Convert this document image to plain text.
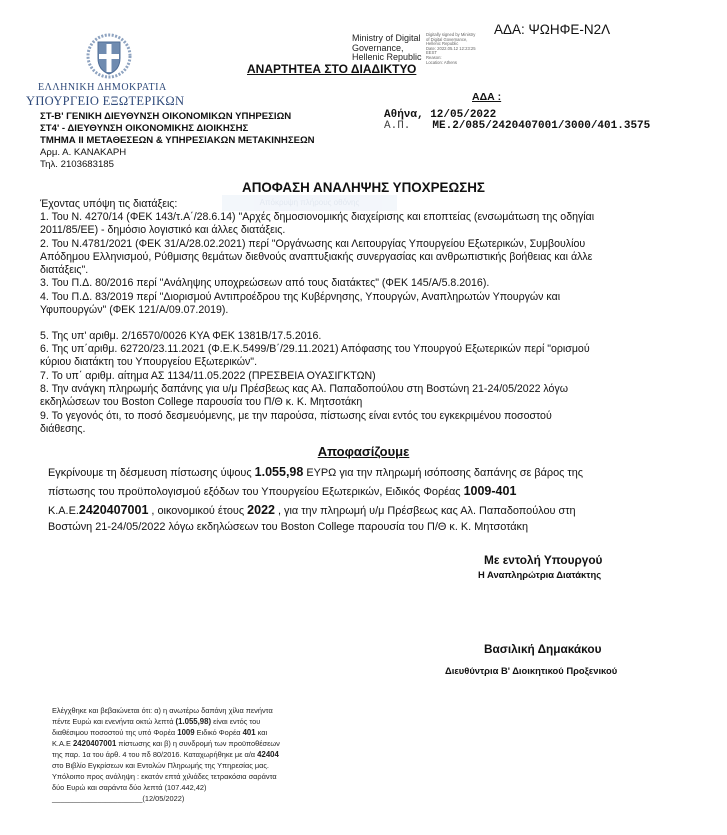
ΕΛΛΗΝΙΚΗ ΔΗΜΟΚΡΑΤΙΑ
ΥΠΟΥΡΓΕΙΟ ΕΞΩΤΕΡΙΚΩΝ
ΣΤ-Β' ΓΕΝΙΚΗ ΔΙΕΥΘΥΝΣΗ ΟΙΚΟΝΟΜΙΚΩΝ ΥΠΗΡΕΣΙΩΝ
ΣΤ4' - ΔΙΕΥΘΥΝΣΗ ΟΙΚΟΝΟΜΙΚΗΣ ΔΙΟΙΚΗΣΗΣ
ΤΜΗΜΑ ΙΙ ΜΕΤΑΘΕΣΕΩΝ & ΥΠΗΡΕΣΙΑΚΩΝ ΜΕΤΑΚΙΝΗΣΕΩΝ
Αρμ. Α. ΚΑΝΑΚΑΡΗ
Τηλ. 2103683185
ΑΔΑ: ΨΩΗΦΕ-Ν2Λ
Ministry of Digital
Governance,
Hellenic Republic
Digitally signed by Ministry
of Digital Governance,
Hellenic Republic
Date: 2022.05.12 12:23:25
EEST
Reason:
Location: Athens
ΑΝΑΡΤΗΤΕΑ ΣΤΟ ΔΙΑΔΙΚΤΥΟ
ΑΔΑ :
Αθήνα, 12/05/2022
Α.Π. ΜΕ.2/085/2420407001/3000/401.3575
ΑΠΟΦΑΣΗ ΑΝΑΛΗΨΗΣ ΥΠΟΧΡΕΩΣΗΣ
Απόκρυψη πλήρους οθόνης
Έχοντας υπόψη τις διατάξεις:
1. Του Ν. 4270/14 (ΦΕΚ 143/τ.Α΄/28.6.14) "Αρχές δημοσιονομικής διαχείρισης και εποπτείας (ενσωμάτωση της οδηγίαι
2011/85/ΕΕ) - δημόσιο λογιστικό και άλλες διατάξεις.
2. Του Ν.4781/2021 (ΦΕΚ 31/Α/28.02.2021) περί "Οργάνωσης και Λειτουργίας Υπουργείου Εξωτερικών, Συμβουλίου
Απόδημου Ελληνισμού, Ρύθμισης θεμάτων διεθνούς αναπτυξιακής συνεργασίας και ανθρωπιστικής βοήθειας και άλλε
διατάξεις".
3. Του Π.Δ. 80/2016 περί "Ανάληψης υποχρεώσεων από τους διατάκτες" (ΦΕΚ 145/Α/5.8.2016).
4. Του Π.Δ. 83/2019 περί "Διορισμού Αντιπροέδρου της Κυβέρνησης, Υπουργών, Αναπληρωτών Υπουργών και
Υφυπουργών" (ΦΕΚ 121/Α/09.07.2019).
5. Της υπ' αριθμ. 2/16570/0026 ΚΥΑ ΦΕΚ 1381Β/17.5.2016.
6. Της υπ΄αριθμ. 62720/23.11.2021 (Φ.Ε.Κ.5499/Β΄/29.11.2021) Απόφασης του Υπουργού Εξωτερικών περί "ορισμού
κύριου διατάκτη του Υπουργείου Εξωτερικών".
7. Το υπ΄ αριθμ. αίτημα ΑΣ 1134/11.05.2022 (ΠΡΕΣΒΕΙΑ ΟΥΑΣΙΓΚΤΩΝ)
8. Την ανάγκη πληρωμής δαπάνης για υ/μ Πρέσβεως κας Αλ. Παπαδοπούλου στη Βοστώνη 21-24/05/2022 λόγω
εκδηλώσεων του Boston College παρουσία του Π/Θ κ. Κ. Μητσοτάκη
9. Το γεγονός ότι, το ποσό δεσμευόμενης, με την παρούσα, πίστωσης είναι εντός του εγκεκριμένου ποσοστού
διάθεσης.
Αποφασίζουμε
Εγκρίνουμε τη δέσμευση πίστωσης ύψους 1.055,98 ΕΥΡΩ για την πληρωμή ισόποσης δαπάνης σε βάρος της
πίστωσης του προϋπολογισμού εξόδων του Υπουργείου Εξωτερικών, Ειδικός Φορέας 1009-401
Κ.Α.Ε.2420407001 , οικονομικού έτους 2022 , για την πληρωμή υ/μ Πρέσβεως κας Αλ. Παπαδοπούλου στη
Βοστώνη 21-24/05/2022 λόγω εκδηλώσεων του Boston College παρουσία του Π/Θ κ. Κ. Μητσοτάκη
Με εντολή Υπουργού
Η Αναπληρώτρια Διατάκτης
Βασιλική Δημακάκου
Διευθύντρια Β' Διοικητικού Προξενικού
Ελέγχθηκε και βεβαιώνεται ότι: α) η ανωτέρω δαπάνη χίλια πενήντα
πέντε Ευρώ και ενενήντα οκτώ λεπτά (1.055,98) είναι εντός του
διαθέσιμου ποσοστού της υπό Φορέα 1009 Ειδικό Φορέα 401 και
Κ.Α.Ε 2420407001 πίστωσης και β) η συνδρομή των προϋποθέσεων
της παρ. 1α του άρθ. 4 του πδ 80/2016. Καταχωρήθηκε με α/α 42404
στο Βιβλίο Εγκρίσεων και Εντολών Πληρωμής της Υπηρεσίας μας.
Υπόλοιπο προς ανάληψη : εκατόν επτά χιλιάδες τετρακόσια σαράντα
δύο Ευρώ και σαράντα δύο λεπτά (107.442,42)
______________________(12/05/2022)
